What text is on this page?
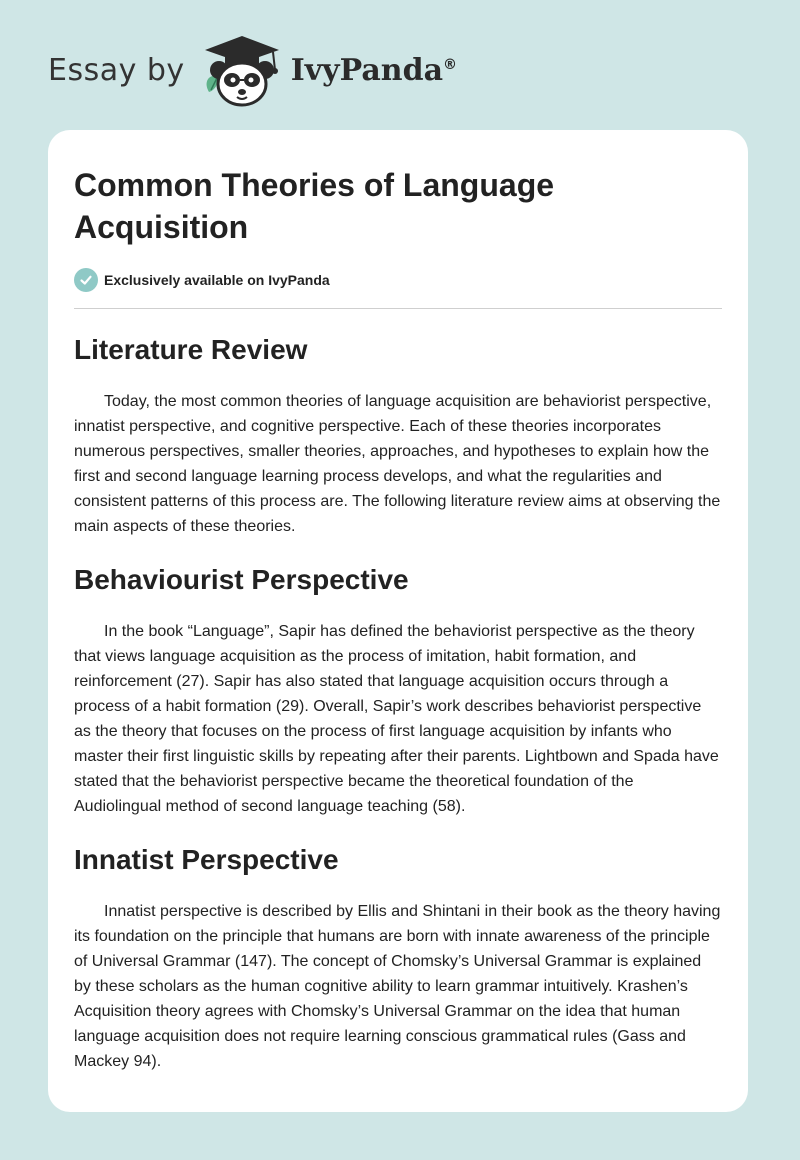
Essay by	IvyPanda®
Common Theories of Language Acquisition
Exclusively available on IvyPanda
Literature Review

Today, the most common theories of language acquisition are behaviorist perspective, innatist perspective, and cognitive perspective. Each of these theories incorporates numerous perspectives, smaller theories, approaches, and hypotheses to explain how the first and second language learning process develops, and what the regularities and consistent patterns of this process are. The following literature review aims at observing the main aspects of these theories.

Behaviourist Perspective

In the book “Language”, Sapir has defined the behaviorist perspective as the theory that views language acquisition as the process of imitation, habit formation, and reinforcement (27). Sapir has also stated that language acquisition occurs through a process of a habit formation (29). Overall, Sapir’s work describes behaviorist perspective as the theory that focuses on the process of first language acquisition by infants who master their first linguistic skills by repeating after their parents. Lightbown and Spada have stated that the behaviorist perspective became the theoretical foundation of the Audiolingual method of second language teaching (58).

Innatist Perspective

Innatist perspective is described by Ellis and Shintani in their book as the theory having its foundation on the principle that humans are born with innate awareness of the principle of Universal Grammar (147). The concept of Chomsky’s Universal Grammar is explained by these scholars as the human cognitive ability to learn grammar intuitively. Krashen’s Acquisition theory agrees with Chomsky’s Universal Grammar on the idea that human language acquisition does not require learning conscious grammatical rules (Gass and Mackey 94).
